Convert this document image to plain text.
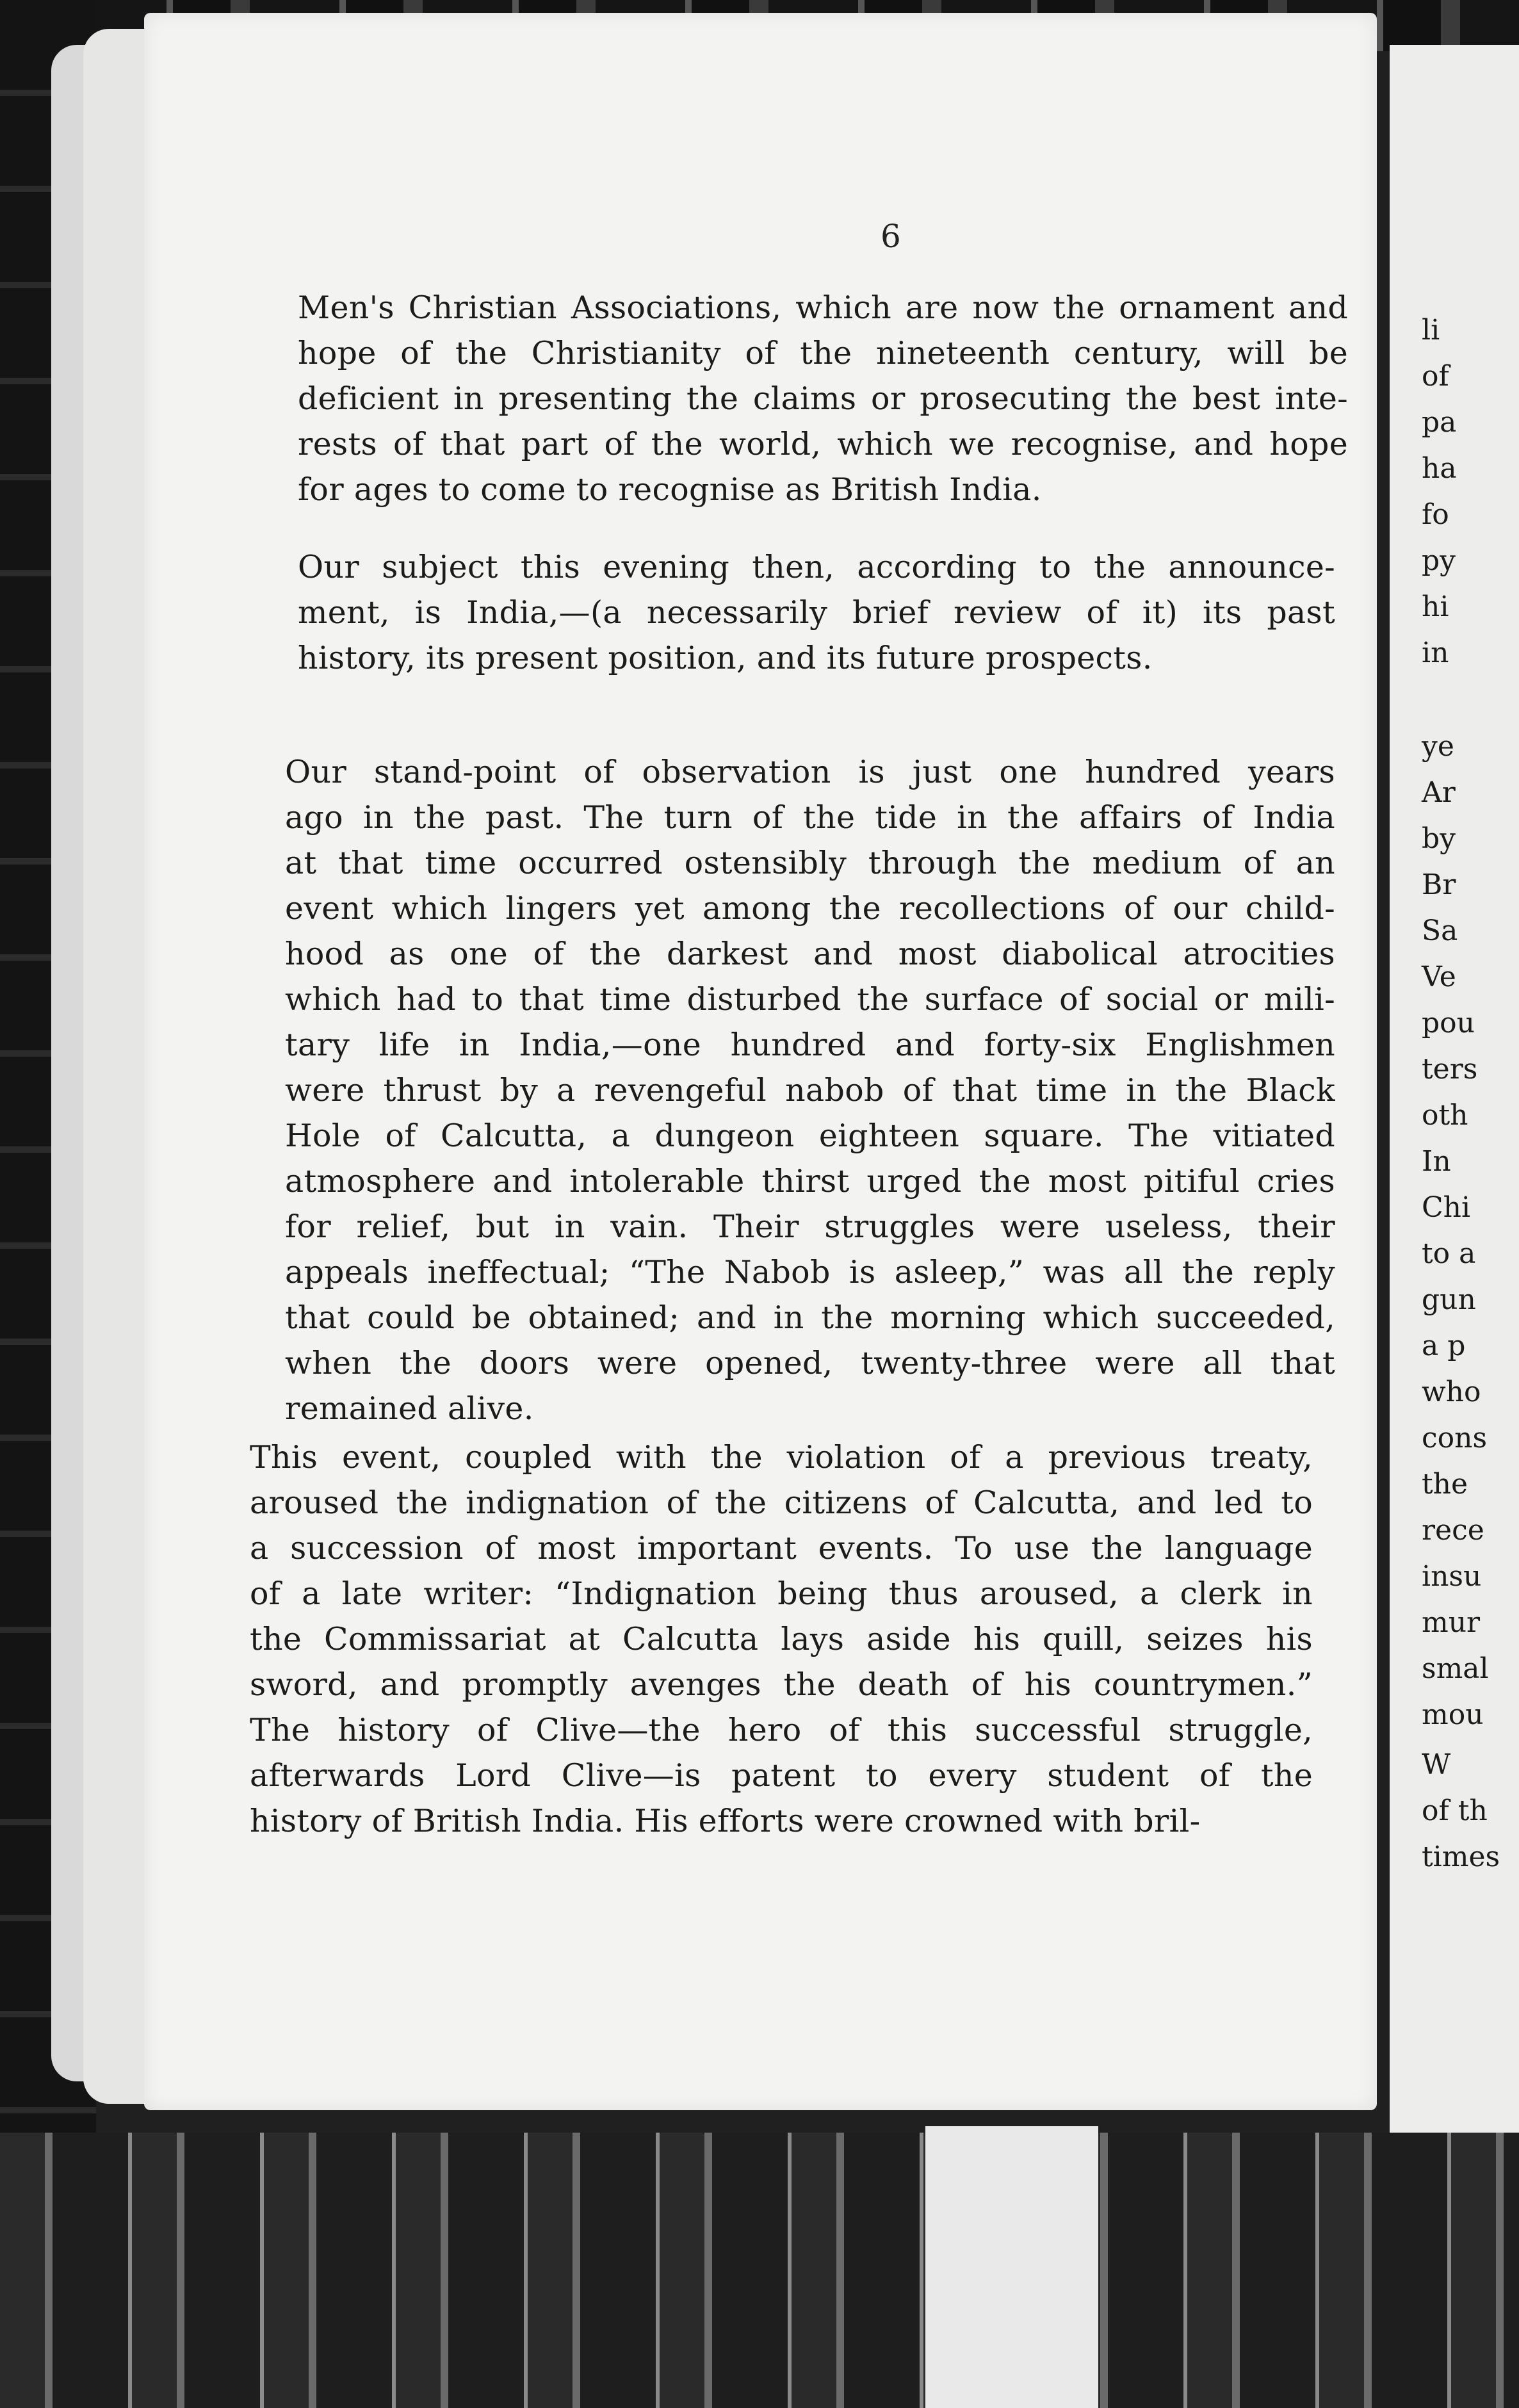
6
Men's Christian Associations, which are now the ornament and
hope of the Christianity of the nineteenth century, will be
deficient in presenting the claims or prosecuting the best inte-
rests of that part of the world, which we recognise, and hope
for ages to come to recognise as British India.
Our subject this evening then, according to the announce-
ment, is India,—(a necessarily brief review of it) its past
history, its present position, and its future prospects.
Our stand-point of observation is just one hundred years
ago in the past. The turn of the tide in the affairs of India
at that time occurred ostensibly through the medium of an
event which lingers yet among the recollections of our child-
hood as one of the darkest and most diabolical atrocities
which had to that time disturbed the surface of social or mili-
tary life in India,—one hundred and forty-six Englishmen
were thrust by a revengeful nabob of that time in the Black
Hole of Calcutta, a dungeon eighteen square. The vitiated
atmosphere and intolerable thirst urged the most pitiful cries
for relief, but in vain. Their struggles were useless, their
appeals ineffectual; “The Nabob is asleep,” was all the reply
that could be obtained; and in the morning which succeeded,
when the doors were opened, twenty-three were all that
remained alive.
This event, coupled with the violation of a previous treaty,
aroused the indignation of the citizens of Calcutta, and led to
a succession of most important events. To use the language
of a late writer: “Indignation being thus aroused, a clerk in
the Commissariat at Calcutta lays aside his quill, seizes his
sword, and promptly avenges the death of his countrymen.”
The history of Clive—the hero of this successful struggle,
afterwards Lord Clive—is patent to every student of the
history of British India. His efforts were crowned with bril-
li
of
pa
ha
fo
py
hi
in
ye
Ar
by
Br
Sa
Ve
pou
ters
oth
In
Chi
to a
gun
a p
who
cons
the
rece
insu
mur
smal
mou
W
of th
times
